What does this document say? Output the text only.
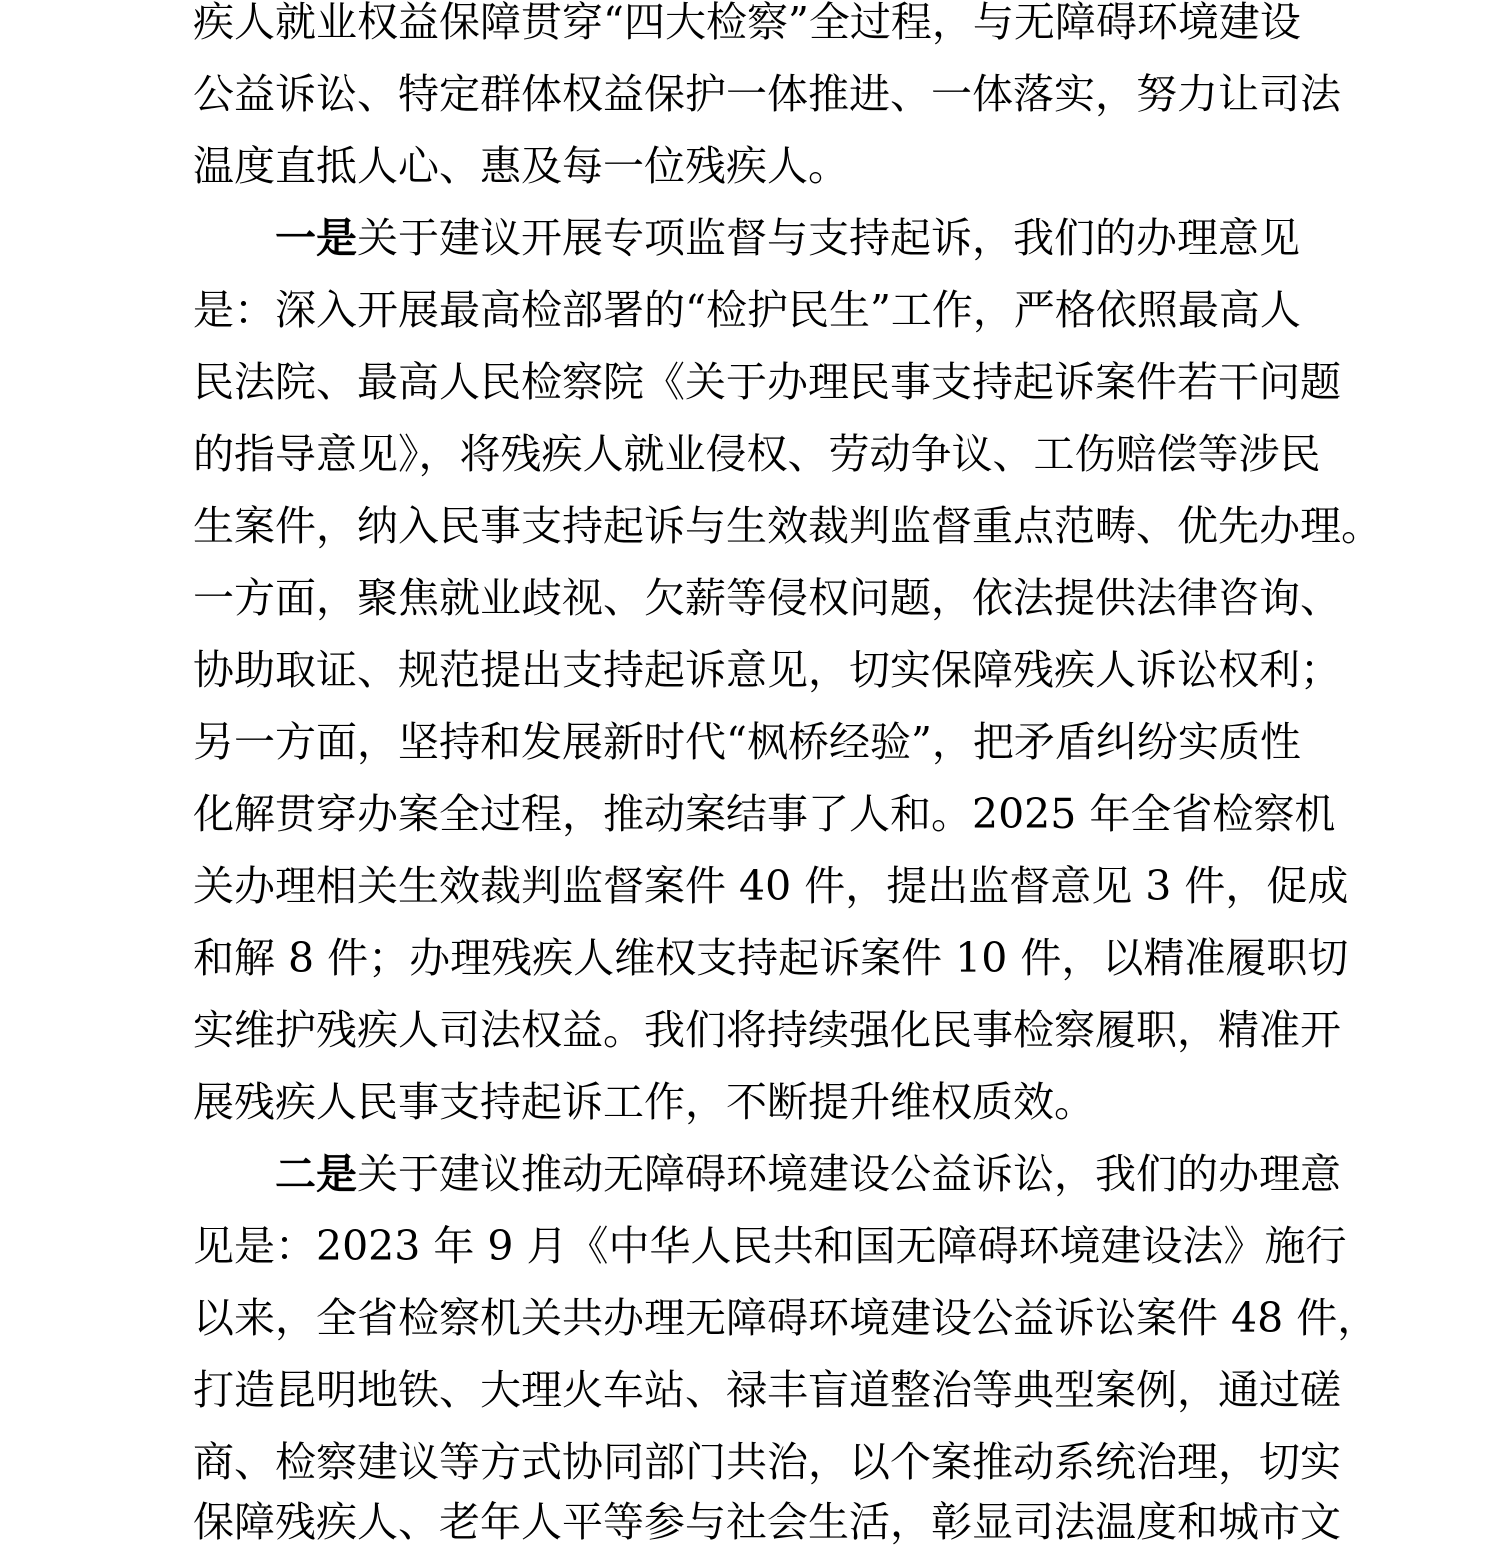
疾人就业权益保障贯穿“四大检察”全过程，与无障碍环境建设
公益诉讼、特定群体权益保护一体推进、一体落实，努力让司法
温度直抵人心、惠及每一位残疾人。
一是关于建议开展专项监督与支持起诉，我们的办理意见
是：深入开展最高检部署的“检护民生”工作，严格依照最高人
民法院、最高人民检察院《关于办理民事支持起诉案件若干问题
的指导意见》，将残疾人就业侵权、劳动争议、工伤赔偿等涉民
生案件，纳入民事支持起诉与生效裁判监督重点范畴、优先办理。
一方面，聚焦就业歧视、欠薪等侵权问题，依法提供法律咨询、
协助取证、规范提出支持起诉意见，切实保障残疾人诉讼权利；
另一方面，坚持和发展新时代“枫桥经验”，把矛盾纠纷实质性
化解贯穿办案全过程，推动案结事了人和。2025 年全省检察机
关办理相关生效裁判监督案件 40 件，提出监督意见 3 件，促成
和解 8 件；办理残疾人维权支持起诉案件 10 件，以精准履职切
实维护残疾人司法权益。我们将持续强化民事检察履职，精准开
展残疾人民事支持起诉工作，不断提升维权质效。
二是关于建议推动无障碍环境建设公益诉讼，我们的办理意
见是：2023 年 9 月《中华人民共和国无障碍环境建设法》施行
以来，全省检察机关共办理无障碍环境建设公益诉讼案件 48 件，
打造昆明地铁、大理火车站、禄丰盲道整治等典型案例，通过磋
商、检察建议等方式协同部门共治，以个案推动系统治理，切实
保障残疾人、老年人平等参与社会生活，彰显司法温度和城市文
